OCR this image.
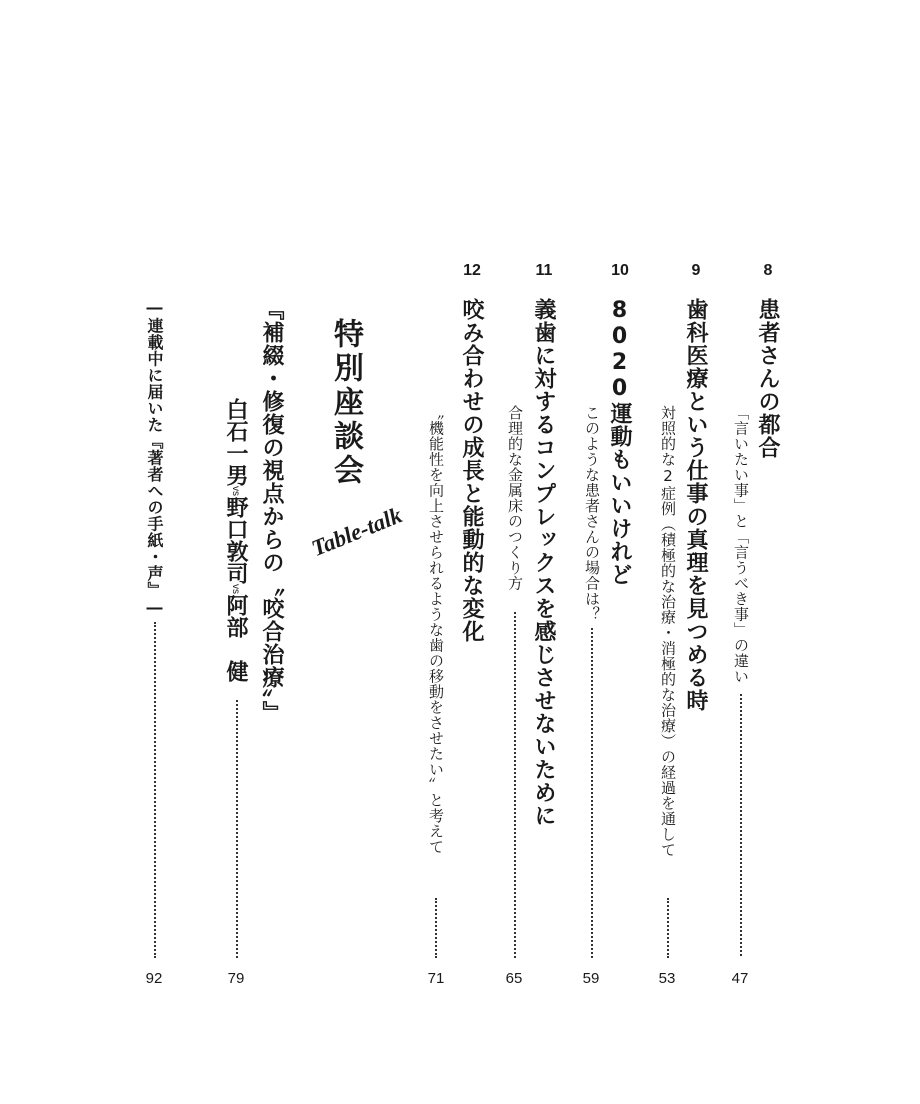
8
患者さんの都合
「言いたい事」と「言うべき事」の違い
47
9
歯科医療という仕事の真理を見つめる時
対照的な2症例（積極的な治療・消極的な治療）の経過を通して
53
10
8020運動もいいけれど
このような患者さんの場合は？
59
11
義歯に対するコンプレックスを感じさせないために
合理的な金属床のつくり方
65
12
咬み合わせの成長と能動的な変化
〝機能性を向上させられるような歯の移動をさせたい〟と考えて
71
特別座談会
Table-talk
『補綴・修復の視点からの〝咬合治療〟』
白石一男vs野口敦司vs阿部　健
79
―連載中に届いた『著者への手紙・声』―
92
